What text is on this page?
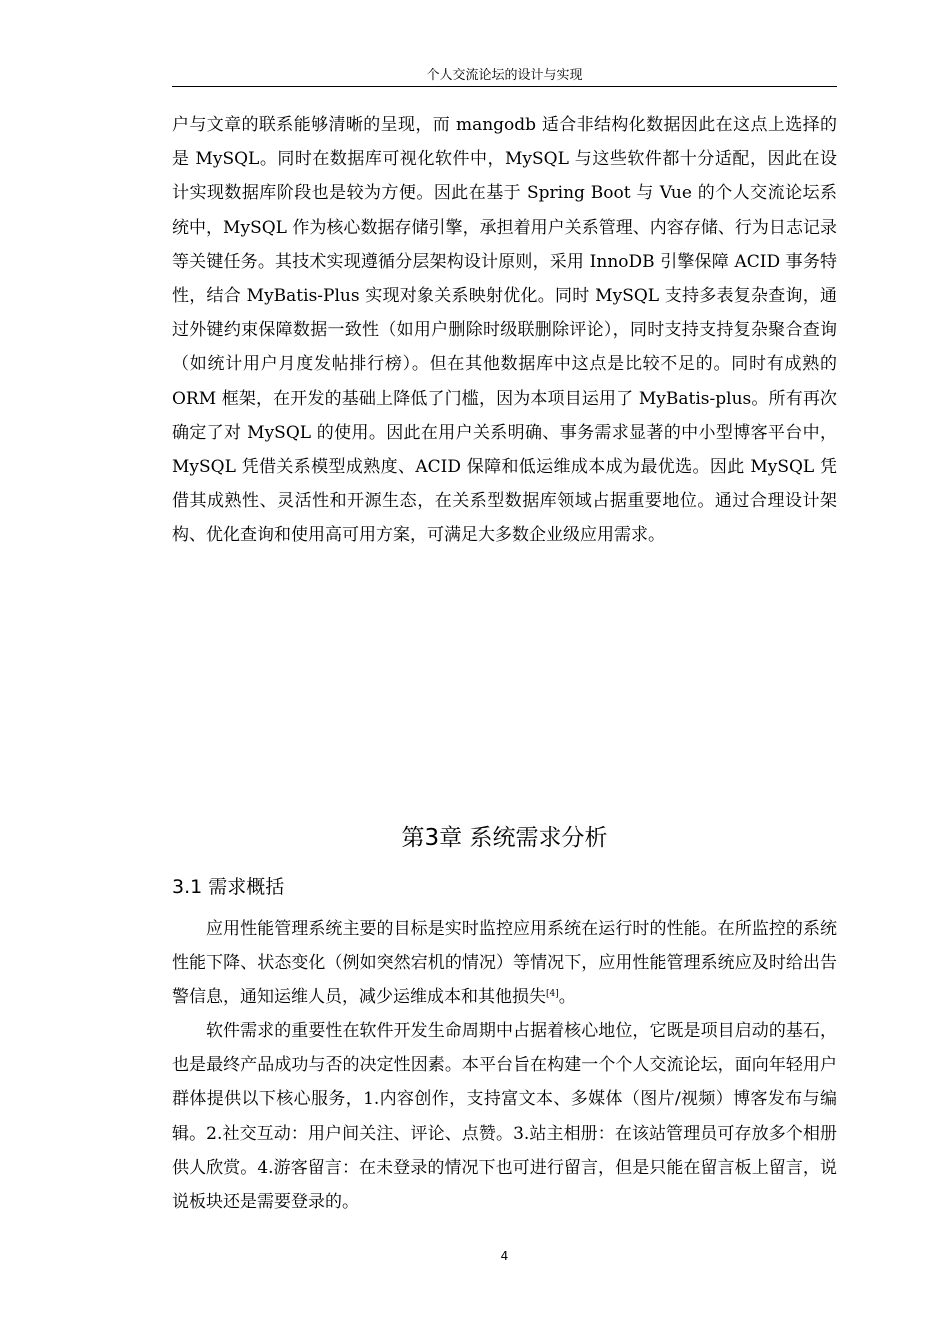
个人交流论坛的设计与实现

户与文章的联系能够清晰的呈现，而 mangodb 适合非结构化数据因此在这点上选择的是 MySQL。同时在数据库可视化软件中，MySQL 与这些软件都十分适配，因此在设计实现数据库阶段也是较为方便。因此在基于 Spring Boot 与 Vue 的个人交流论坛系统中，MySQL 作为核心数据存储引擎，承担着用户关系管理、内容存储、行为日志记录等关键任务。其技术实现遵循分层架构设计原则，采用 InnoDB 引擎保障 ACID 事务特性，结合 MyBatis-Plus 实现对象关系映射优化。同时 MySQL 支持多表复杂查询，通过外键约束保障数据一致性（如用户删除时级联删除评论），同时支持支持复杂聚合查询（如统计用户月度发帖排行榜）。但在其他数据库中这点是比较不足的。同时有成熟的 ORM 框架，在开发的基础上降低了门槛，因为本项目运用了 MyBatis-plus。所有再次确定了对 MySQL 的使用。因此在用户关系明确、事务需求显著的中小型博客平台中，MySQL 凭借关系模型成熟度、ACID 保障和低运维成本成为最优选。因此 MySQL 凭借其成熟性、灵活性和开源生态，在关系型数据库领域占据重要地位。通过合理设计架构、优化查询和使用高可用方案，可满足大多数企业级应用需求。

第3章 系统需求分析
3.1 需求概括

应用性能管理系统主要的目标是实时监控应用系统在运行时的性能。在所监控的系统性能下降、状态变化（例如突然宕机的情况）等情况下，应用性能管理系统应及时给出告警信息，通知运维人员，减少运维成本和其他损失[4]。

软件需求的重要性在软件开发生命周期中占据着核心地位，它既是项目启动的基石，也是最终产品成功与否的决定性因素。本平台旨在构建一个个人交流论坛，面向年轻用户群体提供以下核心服务，1.内容创作，支持富文本、多媒体（图片/视频）博客发布与编辑。2.社交互动：用户间关注、评论、点赞。3.站主相册：在该站管理员可存放多个相册供人欣赏。4.游客留言：在未登录的情况下也可进行留言，但是只能在留言板上留言，说说板块还是需要登录的。

4
